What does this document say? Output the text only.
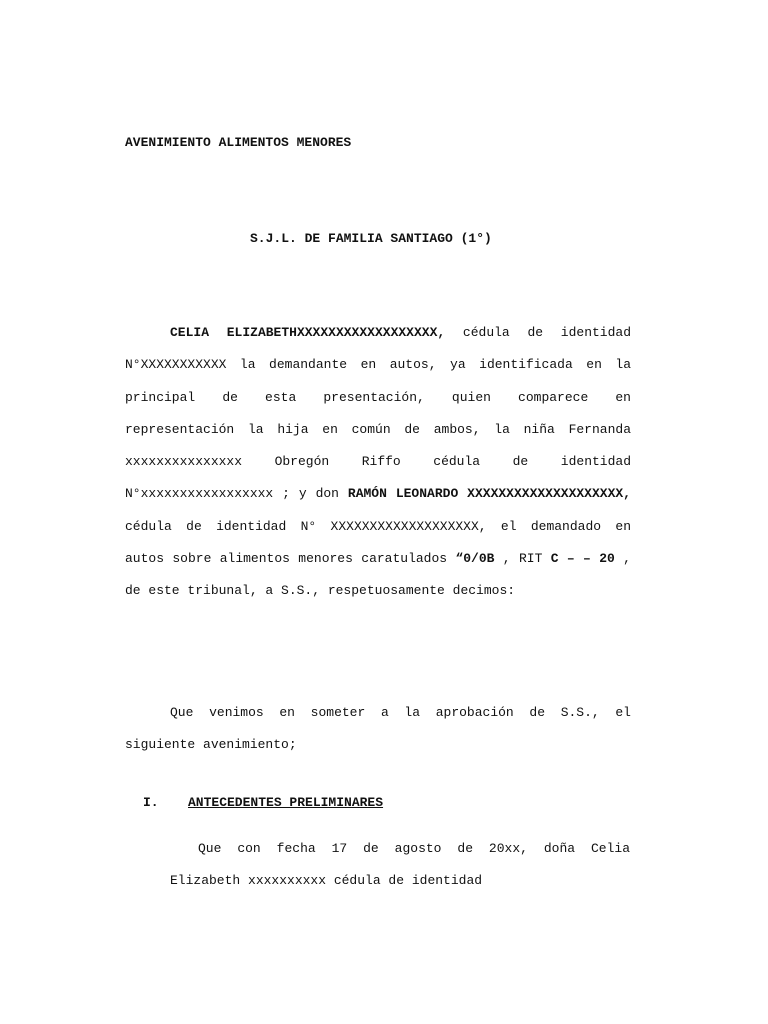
AVENIMIENTO ALIMENTOS MENORES
S.J.L. DE FAMILIA SANTIAGO (1°)

CELIA ELIZABETHXXXXXXXXXXXXXXXXXX, cédula de identidad N°XXXXXXXXXXX la demandante en autos, ya identificada en la principal de esta presentación, quien comparece en representación la hija en común de ambos, la niña Fernanda xxxxxxxxxxxxxxx Obregón Riffo cédula de identidad N°xxxxxxxxxxxxxxxxx ; y don RAMÓN LEONARDO XXXXXXXXXXXXXXXXXXXX, cédula de identidad N° XXXXXXXXXXXXXXXXXXX, el demandado en autos sobre alimentos menores caratulados “0/0B , RIT C – – 20 , de este tribunal, a S.S., respetuosamente decimos:

Que venimos en someter a la aprobación de S.S., el siguiente avenimiento;

I. ANTECEDENTES PRELIMINARES

Que con fecha 17 de agosto de 20xx, doña Celia Elizabeth xxxxxxxxxx cédula de identidad
